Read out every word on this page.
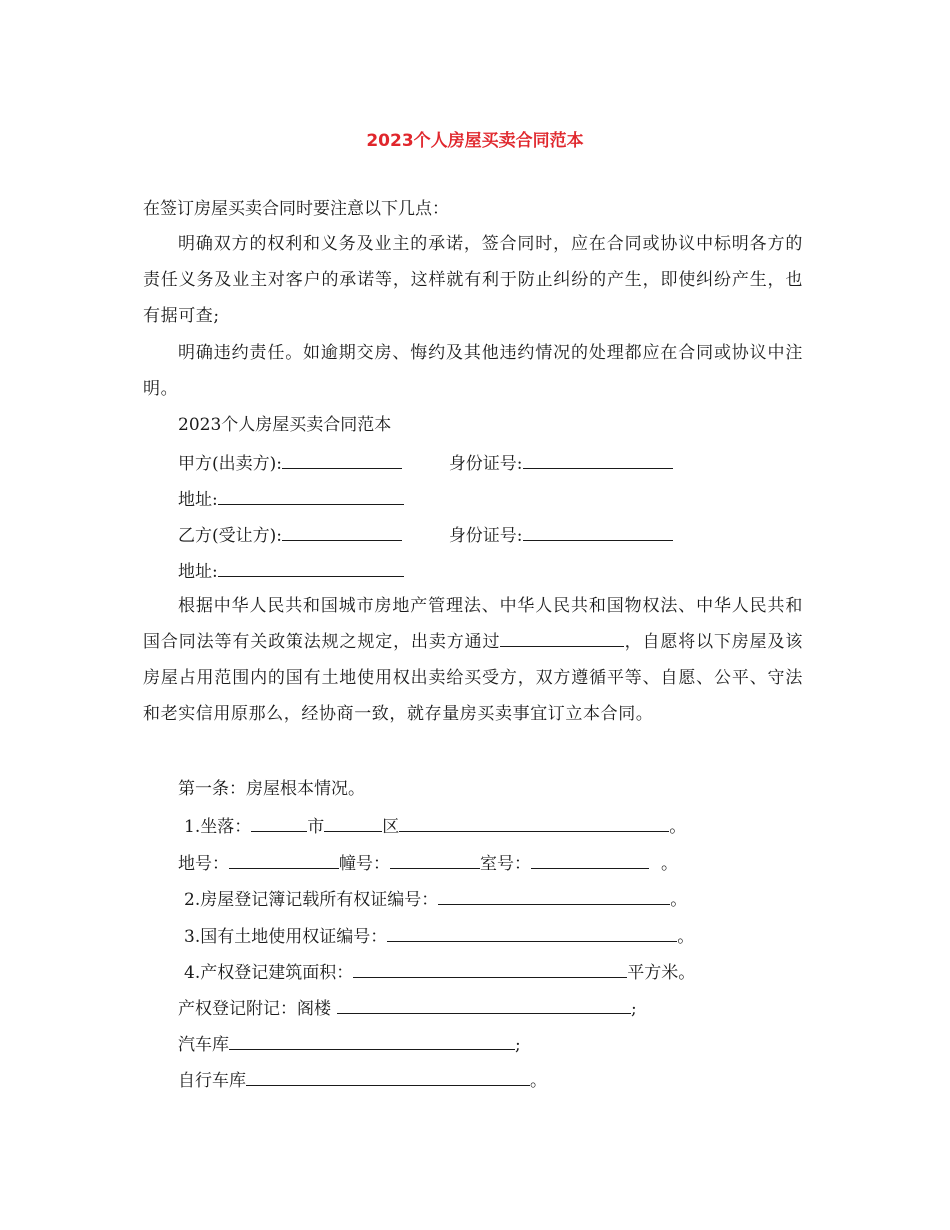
2023个人房屋买卖合同范本
在签订房屋买卖合同时要注意以下几点：
明确双方的权利和义务及业主的承诺，签合同时，应在合同或协议中标明各方的责任义务及业主对客户的承诺等，这样就有利于防止纠纷的产生，即使纠纷产生，也有据可查;
明确违约责任。如逾期交房、悔约及其他违约情况的处理都应在合同或协议中注明。
2023个人房屋买卖合同范本
甲方(出卖方):	身份证号:
地址:
乙方(受让方):	身份证号:
地址:
根据中华人民共和国城市房地产管理法、中华人民共和国物权法、中华人民共和国合同法等有关政策法规之规定，出卖方通过	，自愿将以下房屋及该房屋占用范围内的国有土地使用权出卖给买受方，双方遵循平等、自愿、公平、守法和老实信用原那么，经协商一致，就存量房买卖事宜订立本合同。
第一条：房屋根本情况。
1.坐落：	市	区	。
地号：	幢号：	室号：	。
2.房屋登记簿记载所有权证编号：	。
3.国有土地使用权证编号：	。
4.产权登记建筑面积：	平方米。
产权登记附记：阁楼	;
汽车库	;
自行车库	。
